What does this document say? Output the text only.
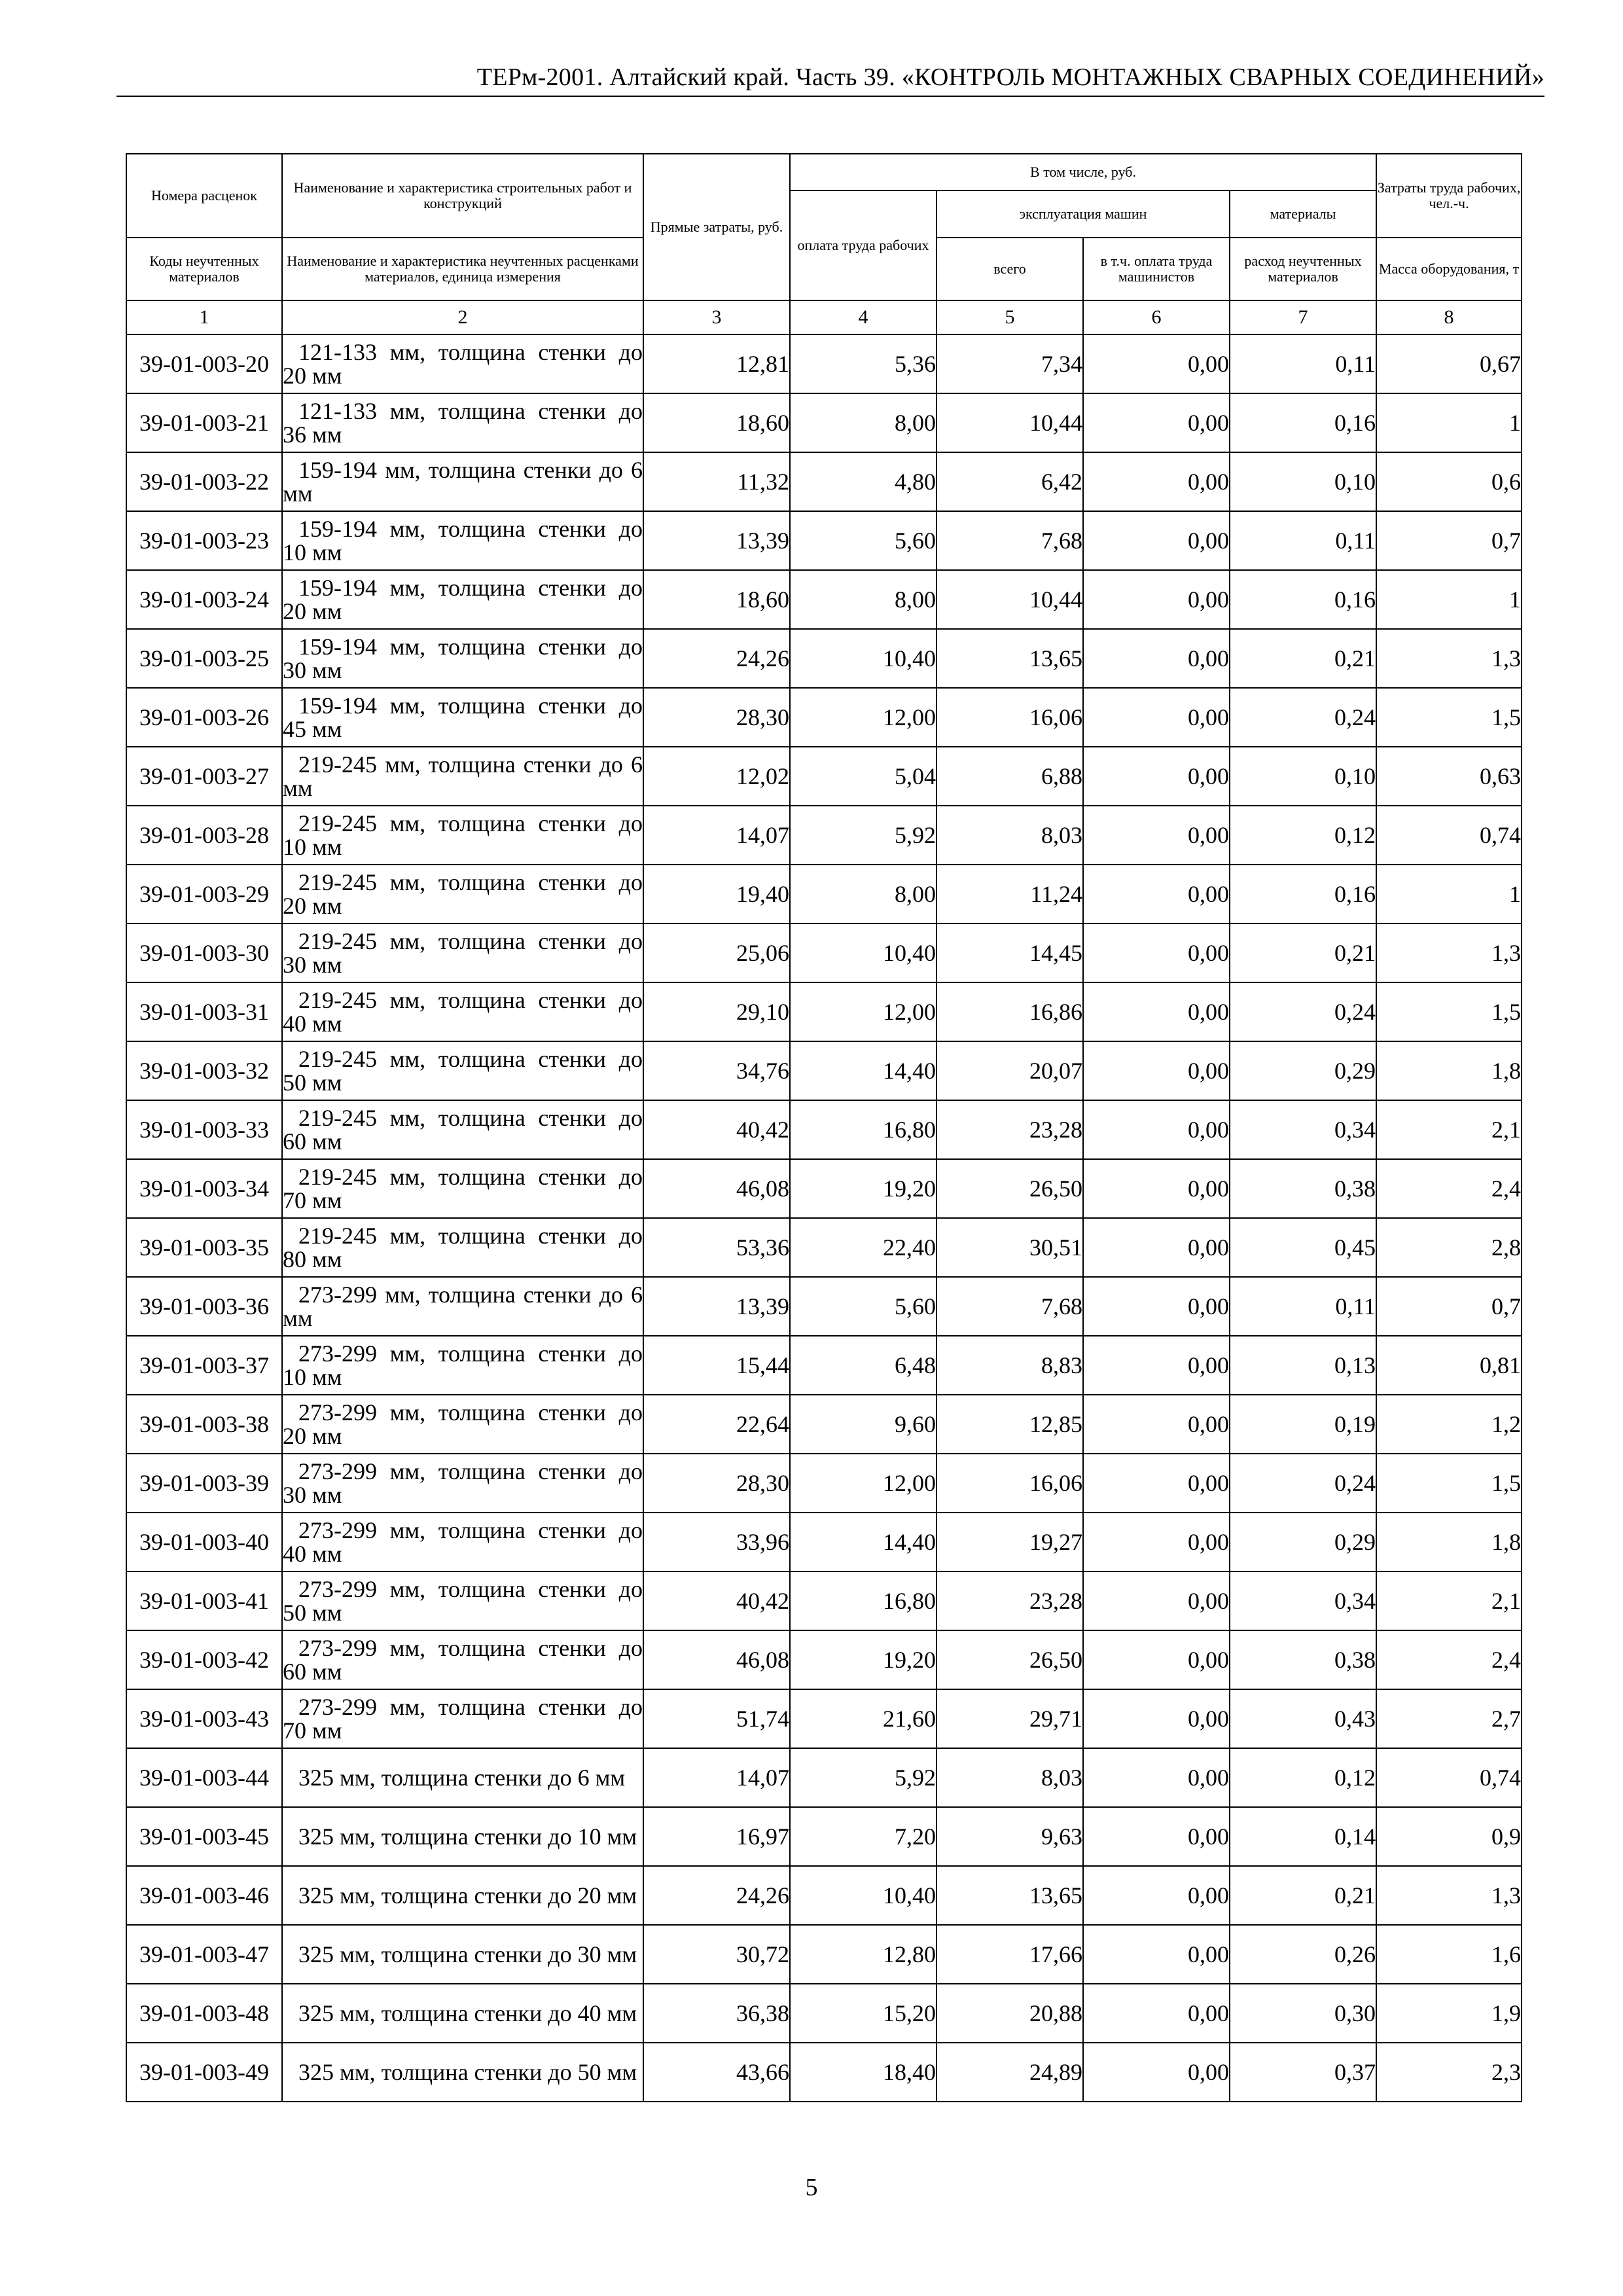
ТЕРм-2001. Алтайский край. Часть 39. «КОНТРОЛЬ МОНТАЖНЫХ СВАРНЫХ СОЕДИНЕНИЙ»
Номера расценок	Наименование и характеристика строительных работ и конструкций	Прямые затраты, руб.	В том числе, руб.				Затраты труда рабочих, чел.-ч.
			оплата труда рабочих	эксплуатация машин		материалы	
Коды неучтенных материалов	Наименование и характеристика неучтенных расценками материалов, единица измерения			всего	в т.ч. оплата труда машинистов	расход неучтенных материалов	Масса оборудования, т
1	2	3	4	5	6	7	8
39-01-003-20	121-133 мм, толщина стенки до 20 мм	12,81	5,36	7,34	0,00	0,11	0,67
39-01-003-21	121-133 мм, толщина стенки до 36 мм	18,60	8,00	10,44	0,00	0,16	1
39-01-003-22	159-194 мм, толщина стенки до 6 мм	11,32	4,80	6,42	0,00	0,10	0,6
39-01-003-23	159-194 мм, толщина стенки до 10 мм	13,39	5,60	7,68	0,00	0,11	0,7
39-01-003-24	159-194 мм, толщина стенки до 20 мм	18,60	8,00	10,44	0,00	0,16	1
39-01-003-25	159-194 мм, толщина стенки до 30 мм	24,26	10,40	13,65	0,00	0,21	1,3
39-01-003-26	159-194 мм, толщина стенки до 45 мм	28,30	12,00	16,06	0,00	0,24	1,5
39-01-003-27	219-245 мм, толщина стенки до 6 мм	12,02	5,04	6,88	0,00	0,10	0,63
39-01-003-28	219-245 мм, толщина стенки до 10 мм	14,07	5,92	8,03	0,00	0,12	0,74
39-01-003-29	219-245 мм, толщина стенки до 20 мм	19,40	8,00	11,24	0,00	0,16	1
39-01-003-30	219-245 мм, толщина стенки до 30 мм	25,06	10,40	14,45	0,00	0,21	1,3
39-01-003-31	219-245 мм, толщина стенки до 40 мм	29,10	12,00	16,86	0,00	0,24	1,5
39-01-003-32	219-245 мм, толщина стенки до 50 мм	34,76	14,40	20,07	0,00	0,29	1,8
39-01-003-33	219-245 мм, толщина стенки до 60 мм	40,42	16,80	23,28	0,00	0,34	2,1
39-01-003-34	219-245 мм, толщина стенки до 70 мм	46,08	19,20	26,50	0,00	0,38	2,4
39-01-003-35	219-245 мм, толщина стенки до 80 мм	53,36	22,40	30,51	0,00	0,45	2,8
39-01-003-36	273-299 мм, толщина стенки до 6 мм	13,39	5,60	7,68	0,00	0,11	0,7
39-01-003-37	273-299 мм, толщина стенки до 10 мм	15,44	6,48	8,83	0,00	0,13	0,81
39-01-003-38	273-299 мм, толщина стенки до 20 мм	22,64	9,60	12,85	0,00	0,19	1,2
39-01-003-39	273-299 мм, толщина стенки до 30 мм	28,30	12,00	16,06	0,00	0,24	1,5
39-01-003-40	273-299 мм, толщина стенки до 40 мм	33,96	14,40	19,27	0,00	0,29	1,8
39-01-003-41	273-299 мм, толщина стенки до 50 мм	40,42	16,80	23,28	0,00	0,34	2,1
39-01-003-42	273-299 мм, толщина стенки до 60 мм	46,08	19,20	26,50	0,00	0,38	2,4
39-01-003-43	273-299 мм, толщина стенки до 70 мм	51,74	21,60	29,71	0,00	0,43	2,7
39-01-003-44	325 мм, толщина стенки до 6 мм	14,07	5,92	8,03	0,00	0,12	0,74
39-01-003-45	325 мм, толщина стенки до 10 мм	16,97	7,20	9,63	0,00	0,14	0,9
39-01-003-46	325 мм, толщина стенки до 20 мм	24,26	10,40	13,65	0,00	0,21	1,3
39-01-003-47	325 мм, толщина стенки до 30 мм	30,72	12,80	17,66	0,00	0,26	1,6
39-01-003-48	325 мм, толщина стенки до 40 мм	36,38	15,20	20,88	0,00	0,30	1,9
39-01-003-49	325 мм, толщина стенки до 50 мм	43,66	18,40	24,89	0,00	0,37	2,3
5
